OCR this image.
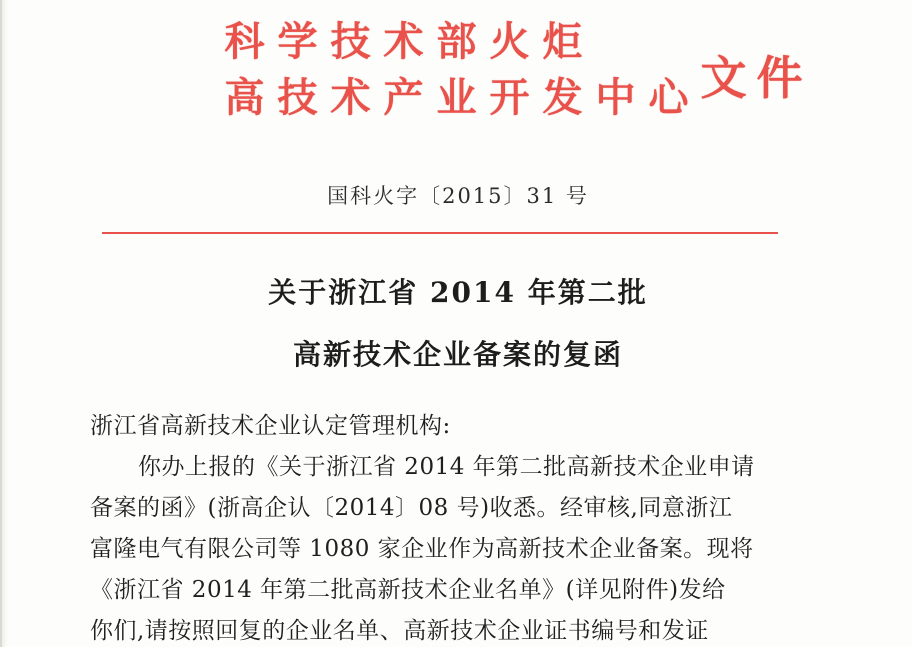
科学技术部火炬
高技术产业开发中心 文件
国科火字〔2015〕31 号
关于浙江省 2014 年第二批
高新技术企业备案的复函

浙江省高新技术企业认定管理机构:

你办上报的《关于浙江省 2014 年第二批高新技术企业申请

备案的函》(浙高企认〔2014〕08 号)收悉。经审核,同意浙江

富隆电气有限公司等 1080 家企业作为高新技术企业备案。现将

《浙江省 2014 年第二批高新技术企业名单》(详见附件)发给

你们,请按照回复的企业名单、高新技术企业证书编号和发证
